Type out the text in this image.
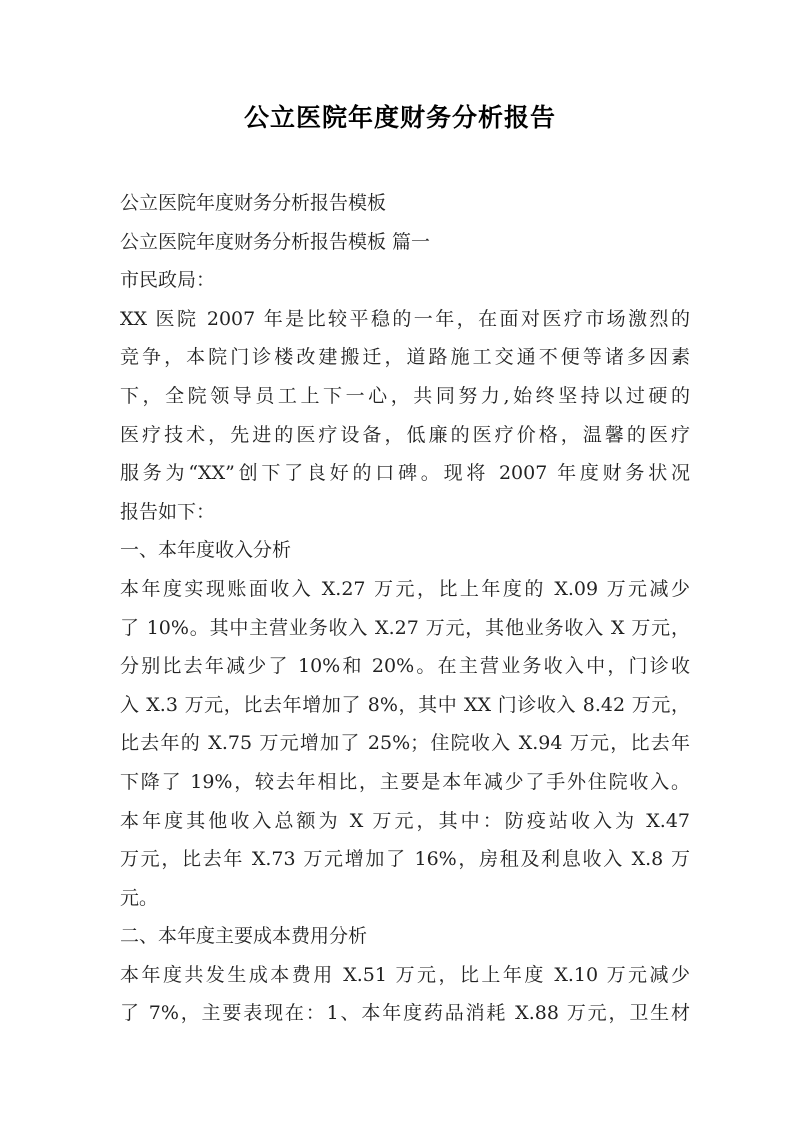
公立医院年度财务分析报告
公立医院年度财务分析报告模板
公立医院年度财务分析报告模板 篇一
市民政局：
XX 医院 2007 年是比较平稳的一年，在面对医疗市场激烈的
竞争，本院门诊楼改建搬迁，道路施工交通不便等诸多因素
下，全院领导员工上下一心，共同努力,始终坚持以过硬的
医疗技术，先进的医疗设备，低廉的医疗价格，温馨的医疗
服务为“XX”创下了良好的口碑。现将 2007 年度财务状况
报告如下：
一、本年度收入分析
本年度实现账面收入 X.27 万元，比上年度的 X.09 万元减少
了 10%。其中主营业务收入 X.27 万元，其他业务收入 X 万元，
分别比去年减少了 10%和 20%。在主营业务收入中，门诊收
入 X.3 万元，比去年增加了 8%，其中 XX 门诊收入 8.42 万元，
比去年的 X.75 万元增加了 25%；住院收入 X.94 万元，比去年
下降了 19%，较去年相比，主要是本年减少了手外住院收入。
本年度其他收入总额为 X 万元，其中：防疫站收入为 X.47
万元，比去年 X.73 万元增加了 16%，房租及利息收入 X.8 万
元。
二、本年度主要成本费用分析
本年度共发生成本费用 X.51 万元，比上年度 X.10 万元减少
了 7%，主要表现在：1、本年度药品消耗 X.88 万元，卫生材
